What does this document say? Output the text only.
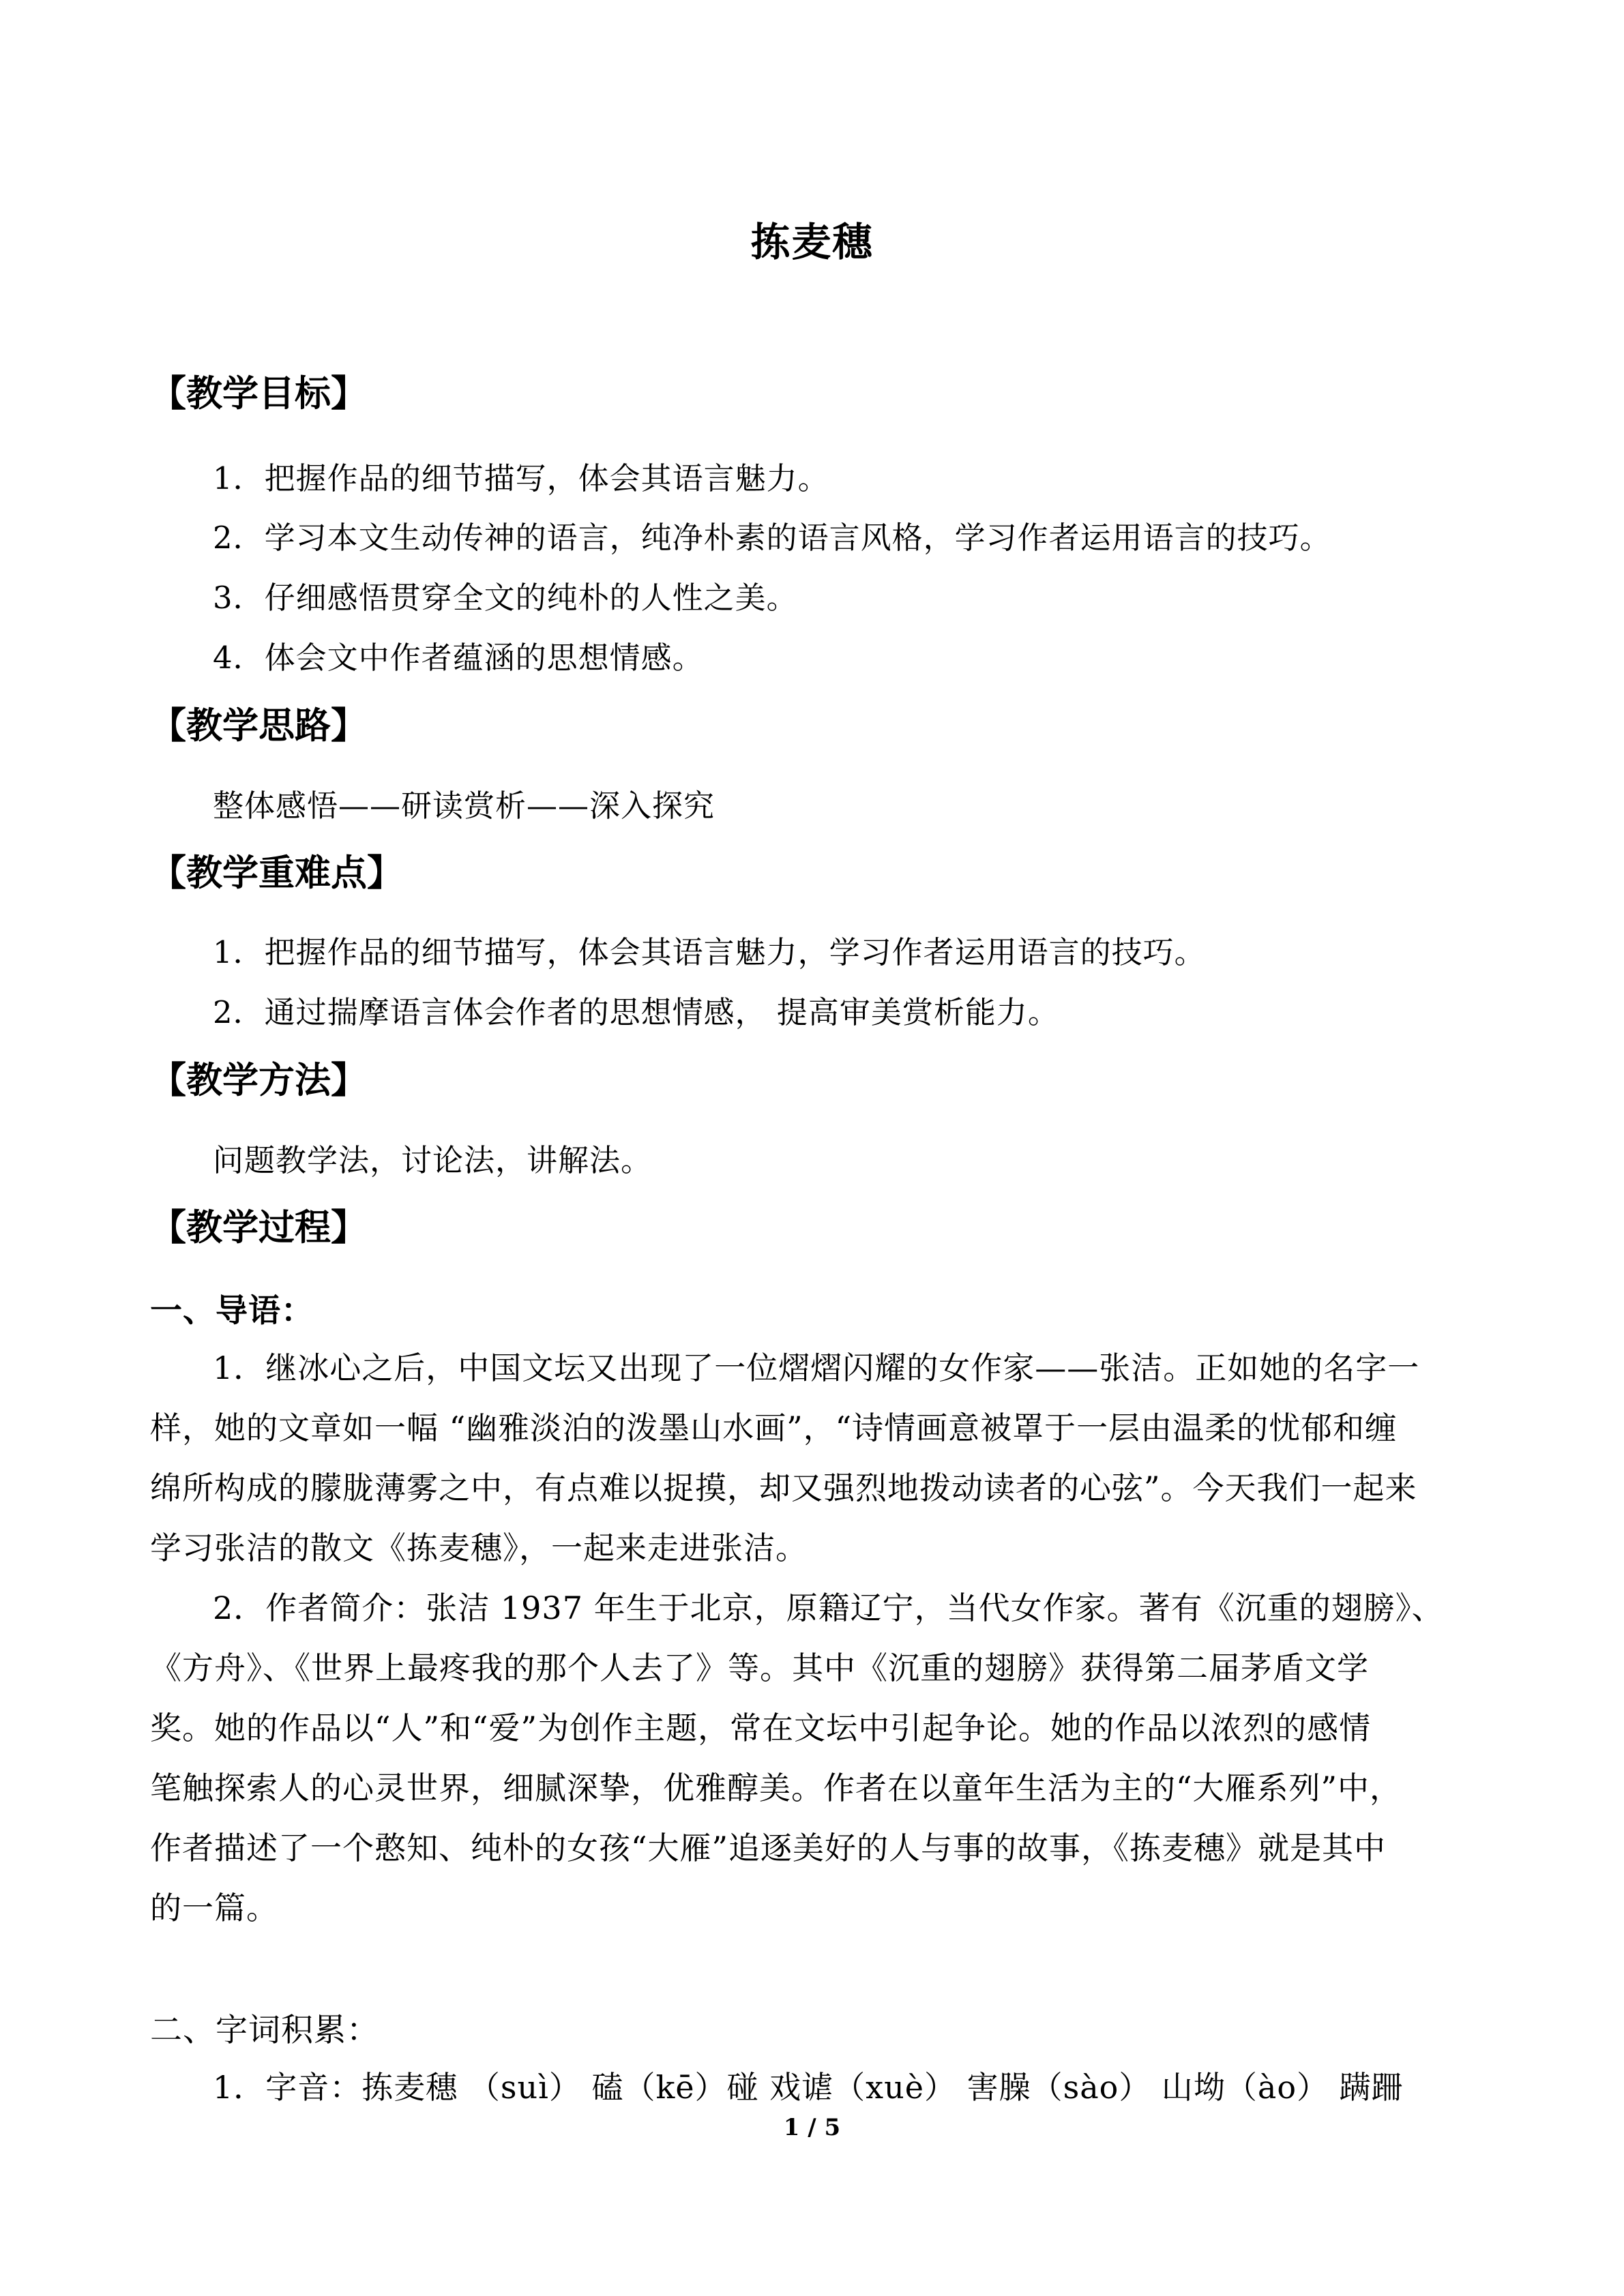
拣麦穗
【教学目标】
1．把握作品的细节描写，体会其语言魅力。
2．学习本文生动传神的语言，纯净朴素的语言风格，学习作者运用语言的技巧。
3．仔细感悟贯穿全文的纯朴的人性之美。
4．体会文中作者蕴涵的思想情感。
【教学思路】
整体感悟——研读赏析——深入探究
【教学重难点】
1．把握作品的细节描写，体会其语言魅力，学习作者运用语言的技巧。
2．通过揣摩语言体会作者的思想情感， 提高审美赏析能力。
【教学方法】
问题教学法，讨论法，讲解法。
【教学过程】
一、导语：
1．继冰心之后，中国文坛又出现了一位熠熠闪耀的女作家——张洁。正如她的名字一
样，她的文章如一幅 “幽雅淡泊的泼墨山水画”，“诗情画意被罩于一层由温柔的忧郁和缠
绵所构成的朦胧薄雾之中，有点难以捉摸，却又强烈地拨动读者的心弦”。今天我们一起来
学习张洁的散文《拣麦穗》，一起来走进张洁。
2．作者简介：张洁 1937 年生于北京，原籍辽宁，当代女作家。著有《沉重的翅膀》、
《方舟》、《世界上最疼我的那个人去了》等。其中《沉重的翅膀》获得第二届茅盾文学
奖。她的作品以“人”和“爱”为创作主题，常在文坛中引起争论。她的作品以浓烈的感情
笔触探索人的心灵世界，细腻深挚，优雅醇美。作者在以童年生活为主的“大雁系列”中，
作者描述了一个憨知、纯朴的女孩“大雁”追逐美好的人与事的故事，《拣麦穗》就是其中
的一篇。
二、字词积累：
1．字音：拣麦穗 （suì） 磕（kē）碰 戏谑（xuè） 害臊（sào） 山坳（ào） 蹒跚
1 / 5
